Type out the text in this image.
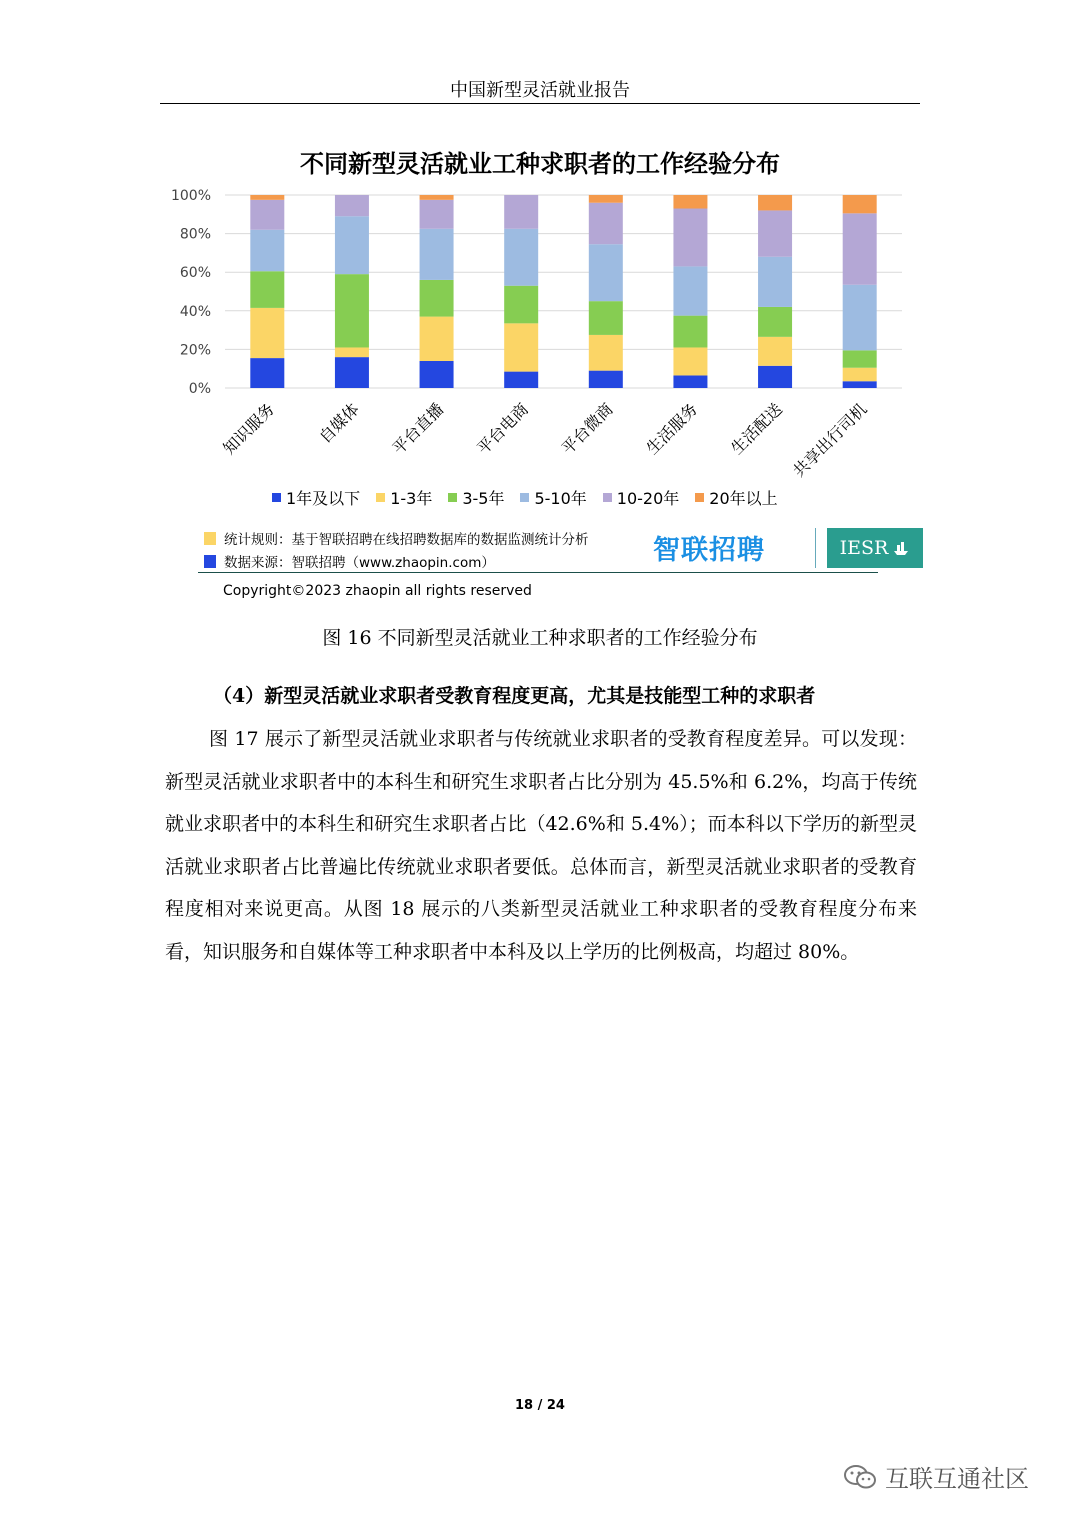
中国新型灵活就业报告
不同新型灵活就业工种求职者的工作经验分布
0%
20%
40%
60%
80%
100%
知识服务 自媒体 平台直播 平台电商 平台微商 生活服务 生活配送 共享出行司机
1年及以下 1-3年 3-5年 5-10年 10-20年 20年以上
统计规则：基于智联招聘在线招聘数据库的数据监测统计分析
数据来源：智联招聘（www.zhaopin.com）	智联招聘	IESR
Copyright©2023 zhaopin all rights reserved
图 16 不同新型灵活就业工种求职者的工作经验分布
（4）新型灵活就业求职者受教育程度更高，尤其是技能型工种的求职者
图 17 展示了新型灵活就业求职者与传统就业求职者的受教育程度差异。可以发现：新型灵活就业求职者中的本科生和研究生求职者占比分别为 45.5%和 6.2%，均高于传统就业求职者中的本科生和研究生求职者占比（42.6%和 5.4%）；而本科以下学历的新型灵活就业求职者占比普遍比传统就业求职者要低。总体而言，新型灵活就业求职者的受教育程度相对来说更高。从图 18 展示的八类新型灵活就业工种求职者的受教育程度分布来看，知识服务和自媒体等工种求职者中本科及以上学历的比例极高，均超过 80%。
18 / 24
互联互通社区
